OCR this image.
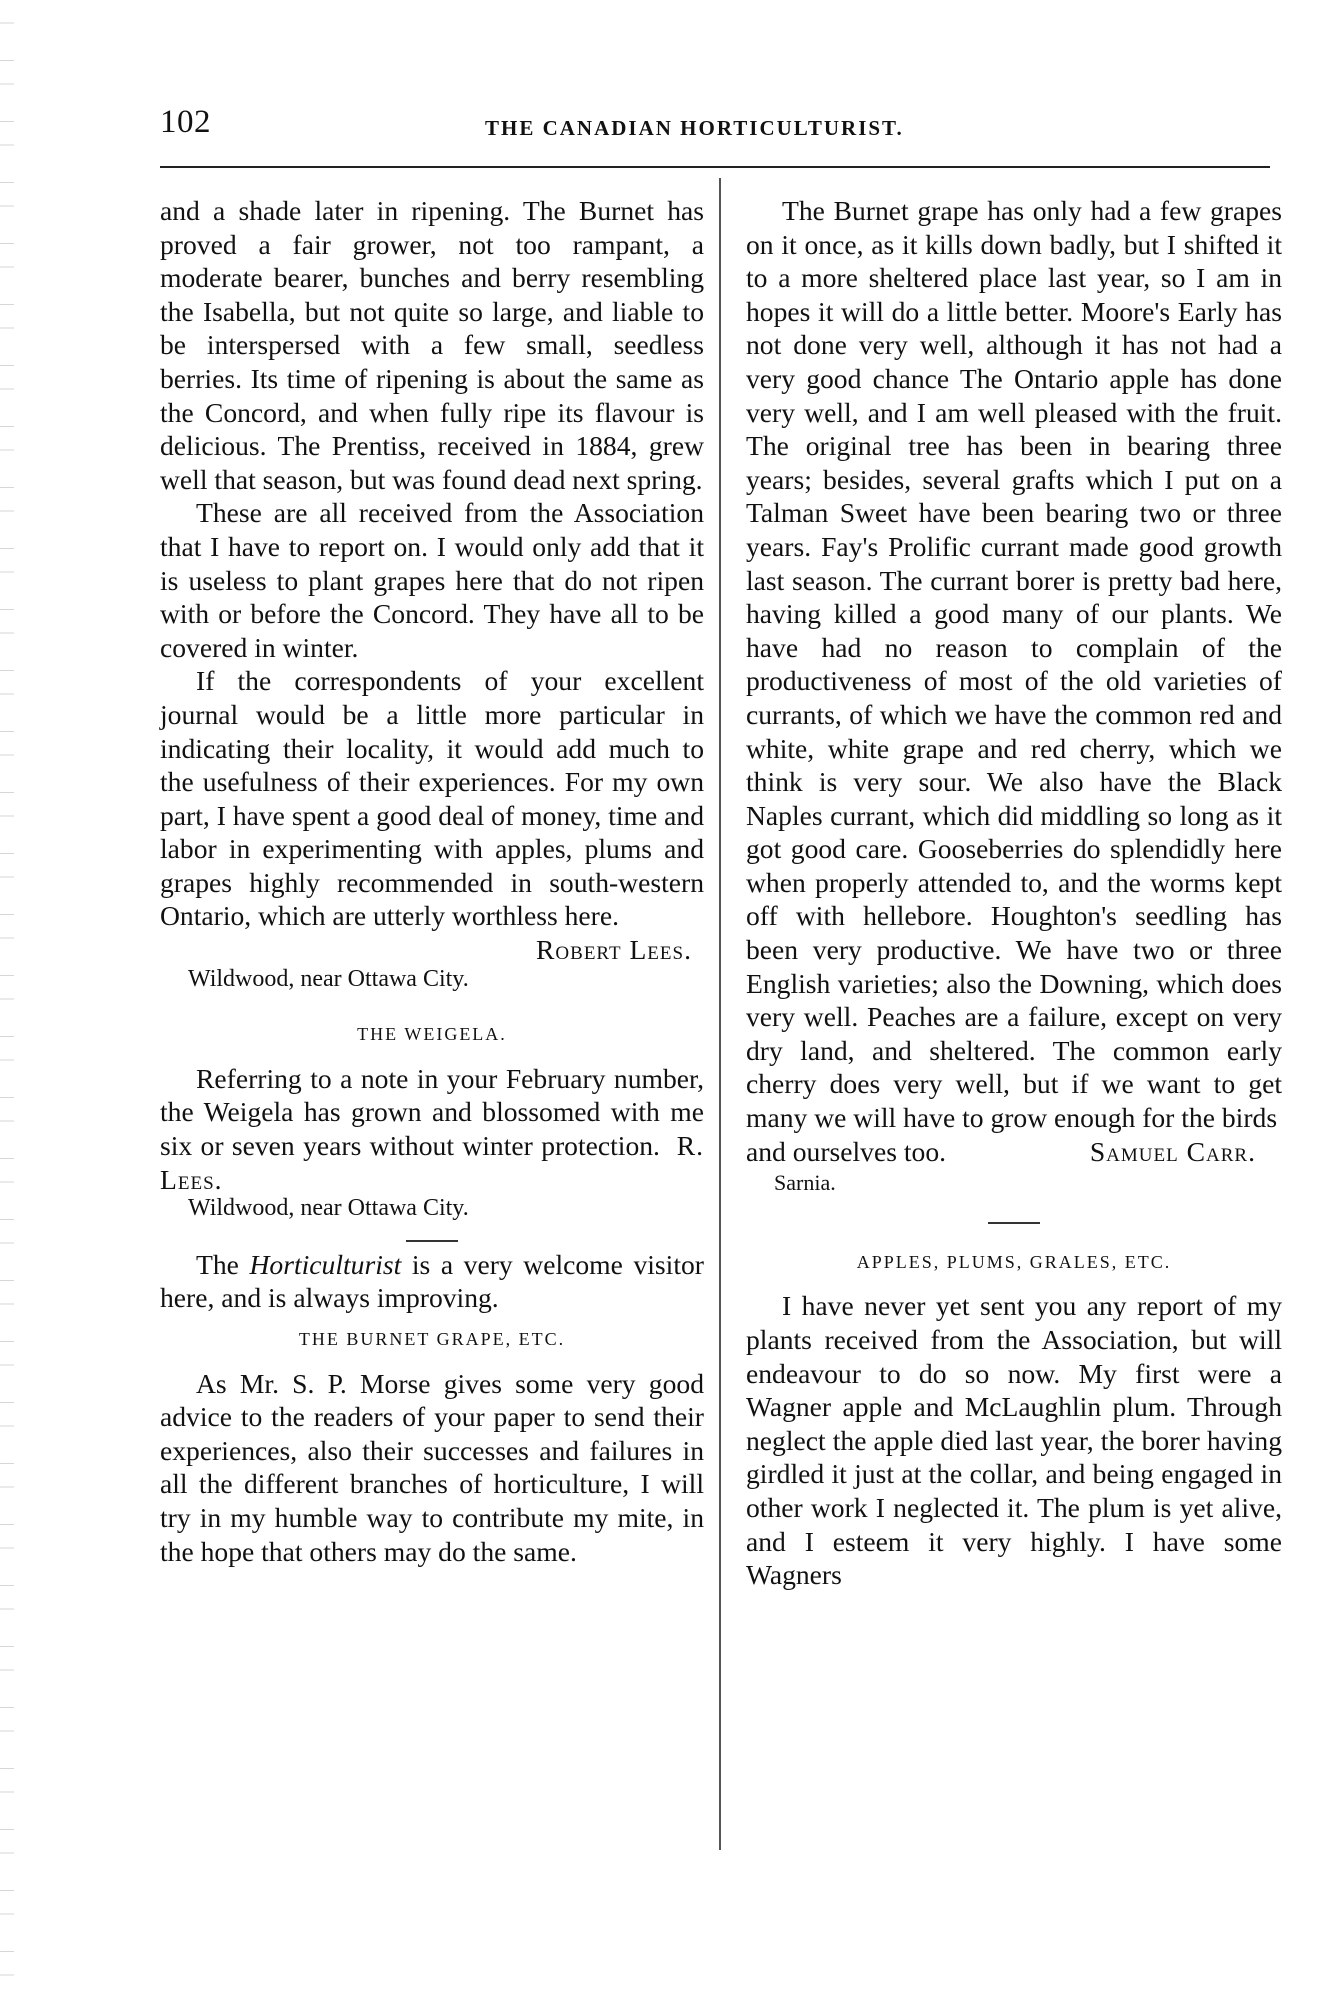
102	THE CANADIAN HORTICULTURIST.

and a shade later in ripening. The Burnet has proved a fair grower, not too rampant, a moderate bearer, bunches and berry resembling the Isabella, but not quite so large, and liable to be interspersed with a few small, seedless berries. Its time of ripening is about the same as the Concord, and when fully ripe its flavour is delicious. The Prentiss, received in 1884, grew well that season, but was found dead next spring.

These are all received from the Association that I have to report on. I would only add that it is useless to plant grapes here that do not ripen with or before the Concord. They have all to be covered in winter.

If the correspondents of your excellent journal would be a little more particular in indicating their locality, it would add much to the usefulness of their experiences. For my own part, I have spent a good deal of money, time and labor in experimenting with apples, plums and grapes highly recommended in south-western Ontario, which are utterly worthless here.

Robert Lees.

Wildwood, near Ottawa City.

THE WEIGELA.

Referring to a note in your February number, the Weigela has grown and blossomed with me six or seven years without winter protection. R. Lees.

Wildwood, near Ottawa City.

The Horticulturist is a very welcome visitor here, and is always improving.

THE BURNET GRAPE, ETC.

As Mr. S. P. Morse gives some very good advice to the readers of your paper to send their experiences, also their successes and failures in all the different branches of horticulture, I will try in my humble way to contribute my mite, in the hope that others may do the same.

The Burnet grape has only had a few grapes on it once, as it kills down badly, but I shifted it to a more sheltered place last year, so I am in hopes it will do a little better. Moore's Early has not done very well, although it has not had a very good chance The Ontario apple has done very well, and I am well pleased with the fruit. The original tree has been in bearing three years; besides, several grafts which I put on a Talman Sweet have been bearing two or three years. Fay's Prolific currant made good growth last season. The currant borer is pretty bad here, having killed a good many of our plants. We have had no reason to complain of the productiveness of most of the old varieties of currants, of which we have the common red and white, white grape and red cherry, which we think is very sour. We also have the Black Naples currant, which did middling so long as it got good care. Gooseberries do splendidly here when properly attended to, and the worms kept off with hellebore. Houghton's seedling has been very productive. We have two or three English varieties; also the Downing, which does very well. Peaches are a failure, except on very dry land, and sheltered. The common early cherry does very well, but if we want to get many we will have to grow enough for the birds

and ourselves too.	Samuel Carr.

Sarnia.

APPLES, PLUMS, GRALES, ETC.

I have never yet sent you any report of my plants received from the Association, but will endeavour to do so now. My first were a Wagner apple and McLaughlin plum. Through neglect the apple died last year, the borer having girdled it just at the collar, and being engaged in other work I neglected it. The plum is yet alive, and I esteem it very highly. I have some Wagners
